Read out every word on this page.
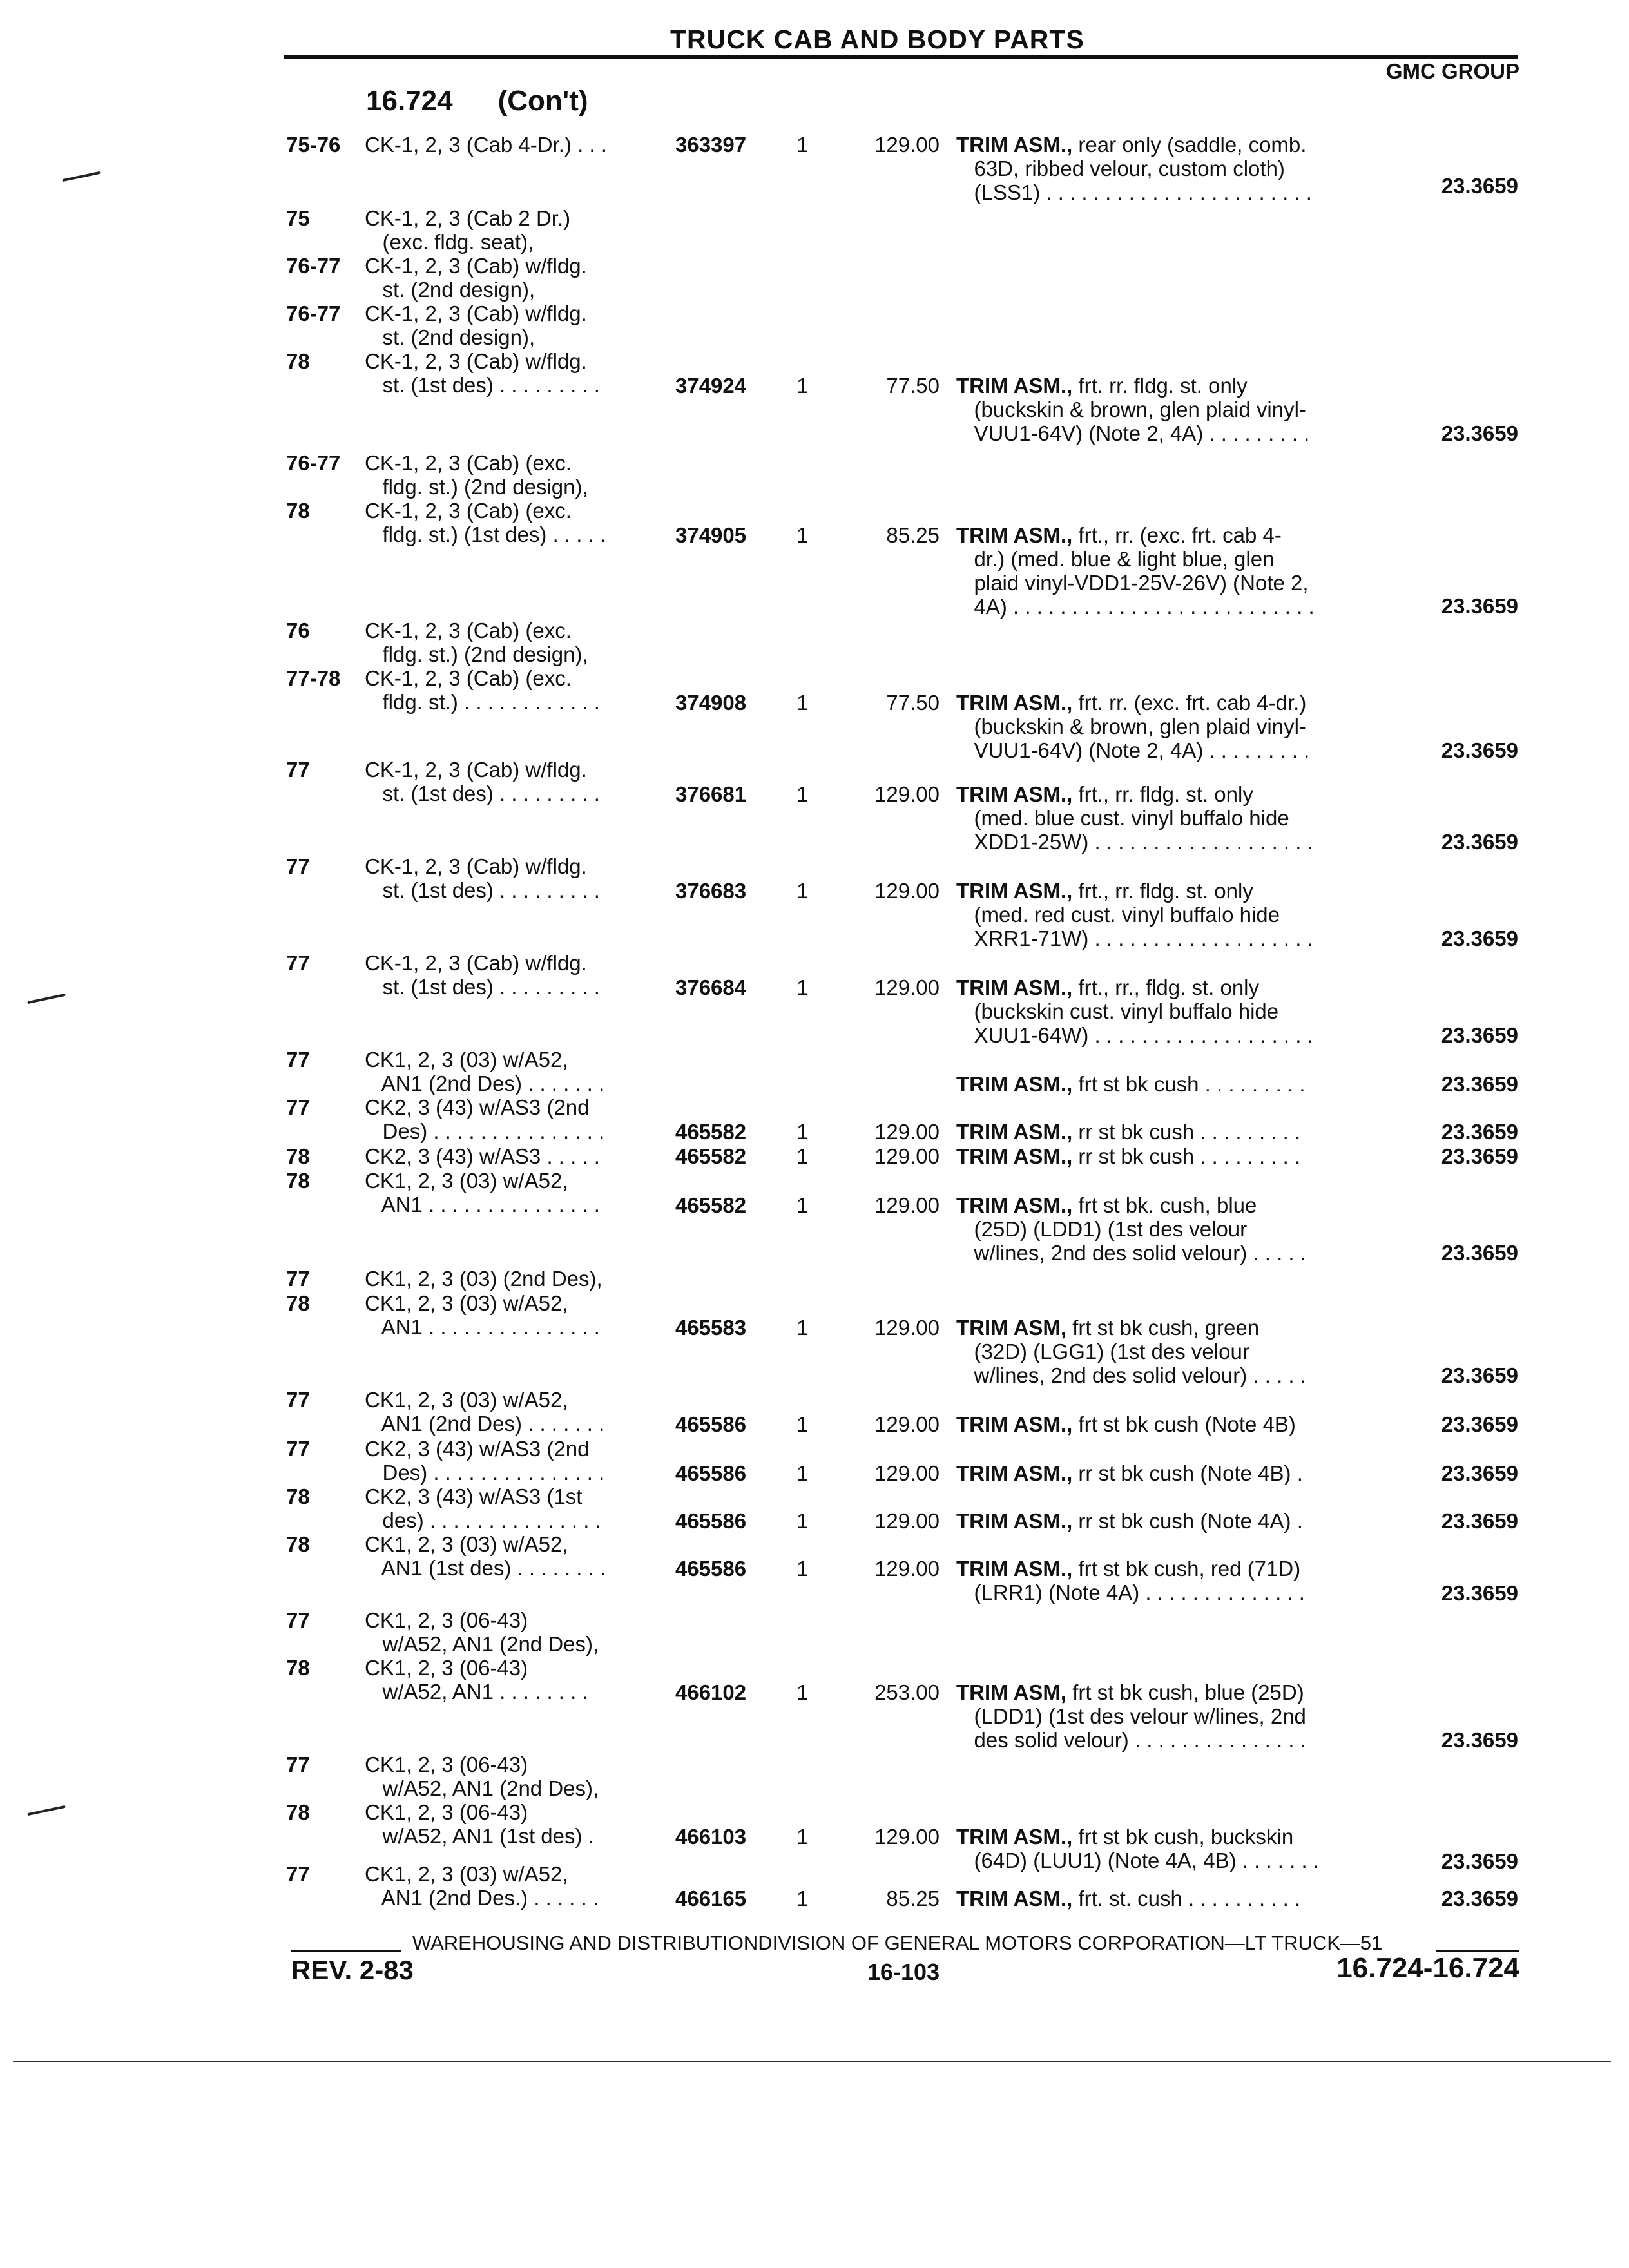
TRUCK CAB AND BODY PARTS
GMC GROUP
16.724 (Con't)
75-76 CK-1, 2, 3 (Cab 4-Dr.) . . .	363397 1	129.00 TRIM ASM., rear only (saddle, comb.
63D, ribbed velour, custom cloth)
(LSS1) . . . . . . . . . . . . . . . . . . . . . . .	23.3659
75	CK-1, 2, 3 (Cab 2 Dr.)
(exc. fldg. seat),
76-77 CK-1, 2, 3 (Cab) w/fldg.
st. (2nd design),
76-77 CK-1, 2, 3 (Cab) w/fldg.
st. (2nd design),
78	CK-1, 2, 3 (Cab) w/fldg.
st. (1st des) . . . . . . . . .	374924 1	77.50 TRIM ASM., frt. rr. fldg. st. only
(buckskin & brown, glen plaid vinyl-
VUU1-64V) (Note 2, 4A) . . . . . . . . .	23.3659
76-77 CK-1, 2, 3 (Cab) (exc.
fldg. st.) (2nd design),
78	CK-1, 2, 3 (Cab) (exc.
fldg. st.) (1st des) . . . . .	374905 1	85.25 TRIM ASM., frt., rr. (exc. frt. cab 4-
dr.) (med. blue & light blue, glen
plaid vinyl-VDD1-25V-26V) (Note 2,
4A) . . . . . . . . . . . . . . . . . . . . . . . . . .	23.3659
76	CK-1, 2, 3 (Cab) (exc.
fldg. st.) (2nd design),
77-78 CK-1, 2, 3 (Cab) (exc.
fldg. st.) . . . . . . . . . . . .	374908 1	77.50 TRIM ASM., frt. rr. (exc. frt. cab 4-dr.)
(buckskin & brown, glen plaid vinyl-
VUU1-64V) (Note 2, 4A) . . . . . . . . .	23.3659
77	CK-1, 2, 3 (Cab) w/fldg.
st. (1st des) . . . . . . . . .	376681 1	129.00 TRIM ASM., frt., rr. fldg. st. only
(med. blue cust. vinyl buffalo hide
XDD1-25W) . . . . . . . . . . . . . . . . . . .	23.3659
77	CK-1, 2, 3 (Cab) w/fldg.
st. (1st des) . . . . . . . . .	376683 1	129.00 TRIM ASM., frt., rr. fldg. st. only
(med. red cust. vinyl buffalo hide
XRR1-71W) . . . . . . . . . . . . . . . . . . .	23.3659
77	CK-1, 2, 3 (Cab) w/fldg.
st. (1st des) . . . . . . . . .	376684 1	129.00 TRIM ASM., frt., rr., fldg. st. only
(buckskin cust. vinyl buffalo hide
XUU1-64W) . . . . . . . . . . . . . . . . . . .	23.3659
77	CK1, 2, 3 (03) w/A52,
AN1 (2nd Des) . . . . . . .	TRIM ASM., frt st bk cush . . . . . . . . .	23.3659
77	CK2, 3 (43) w/AS3 (2nd
Des) . . . . . . . . . . . . . . .	465582 1	129.00 TRIM ASM., rr st bk cush . . . . . . . . .	23.3659
78	CK2, 3 (43) w/AS3 . . . . .	465582 1	129.00 TRIM ASM., rr st bk cush . . . . . . . . .	23.3659
78	CK1, 2, 3 (03) w/A52,
AN1 . . . . . . . . . . . . . . .	465582 1	129.00 TRIM ASM., frt st bk. cush, blue
(25D) (LDD1) (1st des velour
w/lines, 2nd des solid velour) . . . . .	23.3659
77	CK1, 2, 3 (03) (2nd Des),
78	CK1, 2, 3 (03) w/A52,
AN1 . . . . . . . . . . . . . . .	465583 1	129.00 TRIM ASM, frt st bk cush, green
(32D) (LGG1) (1st des velour
w/lines, 2nd des solid velour) . . . . .	23.3659
77	CK1, 2, 3 (03) w/A52,
AN1 (2nd Des) . . . . . . .	465586 1	129.00 TRIM ASM., frt st bk cush (Note 4B)	23.3659
77	CK2, 3 (43) w/AS3 (2nd
Des) . . . . . . . . . . . . . . .	465586 1	129.00 TRIM ASM., rr st bk cush (Note 4B) .	23.3659
78	CK2, 3 (43) w/AS3 (1st
des) . . . . . . . . . . . . . . .	465586 1	129.00 TRIM ASM., rr st bk cush (Note 4A) .	23.3659
78	CK1, 2, 3 (03) w/A52,
AN1 (1st des) . . . . . . . .	465586 1	129.00 TRIM ASM., frt st bk cush, red (71D)
(LRR1) (Note 4A) . . . . . . . . . . . . . .	23.3659
77	CK1, 2, 3 (06-43)
w/A52, AN1 (2nd Des),
78	CK1, 2, 3 (06-43)
w/A52, AN1 . . . . . . . .	466102 1	253.00 TRIM ASM, frt st bk cush, blue (25D)
(LDD1) (1st des velour w/lines, 2nd
des solid velour) . . . . . . . . . . . . . . .	23.3659
77	CK1, 2, 3 (06-43)
w/A52, AN1 (2nd Des),
78	CK1, 2, 3 (06-43)
w/A52, AN1 (1st des) .	466103 1	129.00 TRIM ASM., frt st bk cush, buckskin
(64D) (LUU1) (Note 4A, 4B) . . . . . . .	23.3659
77	CK1, 2, 3 (03) w/A52,
AN1 (2nd Des.) . . . . . .	466165 1	85.25 TRIM ASM., frt. st. cush . . . . . . . . . .	23.3659
WAREHOUSING AND DISTRIBUTIONDIVISION OF GENERAL MOTORS CORPORATION—LT TRUCK—51
REV. 2-83	16-103	16.724-16.724
